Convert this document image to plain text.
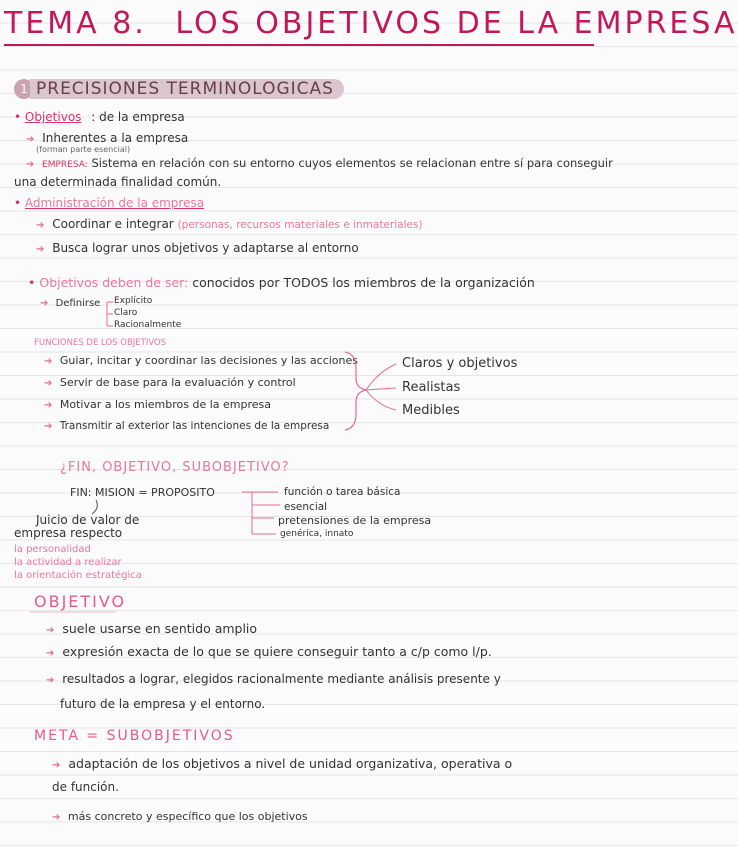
TEMA 8. LOS OBJETIVOS DE LA EMPRESA
1 PRECISIONES TERMINOLOGICAS
• Objetivos : de la empresa
➔ Inherentes a la empresa
(forman parte esencial)
➔ EMPRESA: Sistema en relación con su entorno cuyos elementos se relacionan entre sí para conseguir
una determinada finalidad común.
• Administración de la empresa
➔ Coordinar e integrar (personas, recursos materiales e inmateriales)
➔ Busca lograr unos objetivos y adaptarse al entorno
• Objetivos deben de ser: conocidos por TODOS los miembros de la organización
➔ Definirse Explícito
Claro
Racionalmente
FUNCIONES DE LOS OBJETIVOS
➔ Guiar, incitar y coordinar las decisiones y las acciones
➔ Servir de base para la evaluación y control
➔ Motivar a los miembros de la empresa
➔ Transmitir al exterior las intenciones de la empresa
Claros y objetivos
Realistas
Medibles
¿FIN, OBJETIVO, SUBOBJETIVO?
FIN: MISION = PROPOSITO
Juicio de valor de
empresa respecto
la personalidad
la actividad a realizar
la orientación estratégica
función o tarea básica
esencial
pretensiones de la empresa
genérica, innato
OBJETIVO
➔ suele usarse en sentido amplio
➔ expresión exacta de lo que se quiere conseguir tanto a c/p como l/p.
➔ resultados a lograr, elegidos racionalmente mediante análisis presente y
futuro de la empresa y el entorno.
META = SUBOBJETIVOS
➔ adaptación de los objetivos a nivel de unidad organizativa, operativa o
de función.
➔ más concreto y específico que los objetivos
